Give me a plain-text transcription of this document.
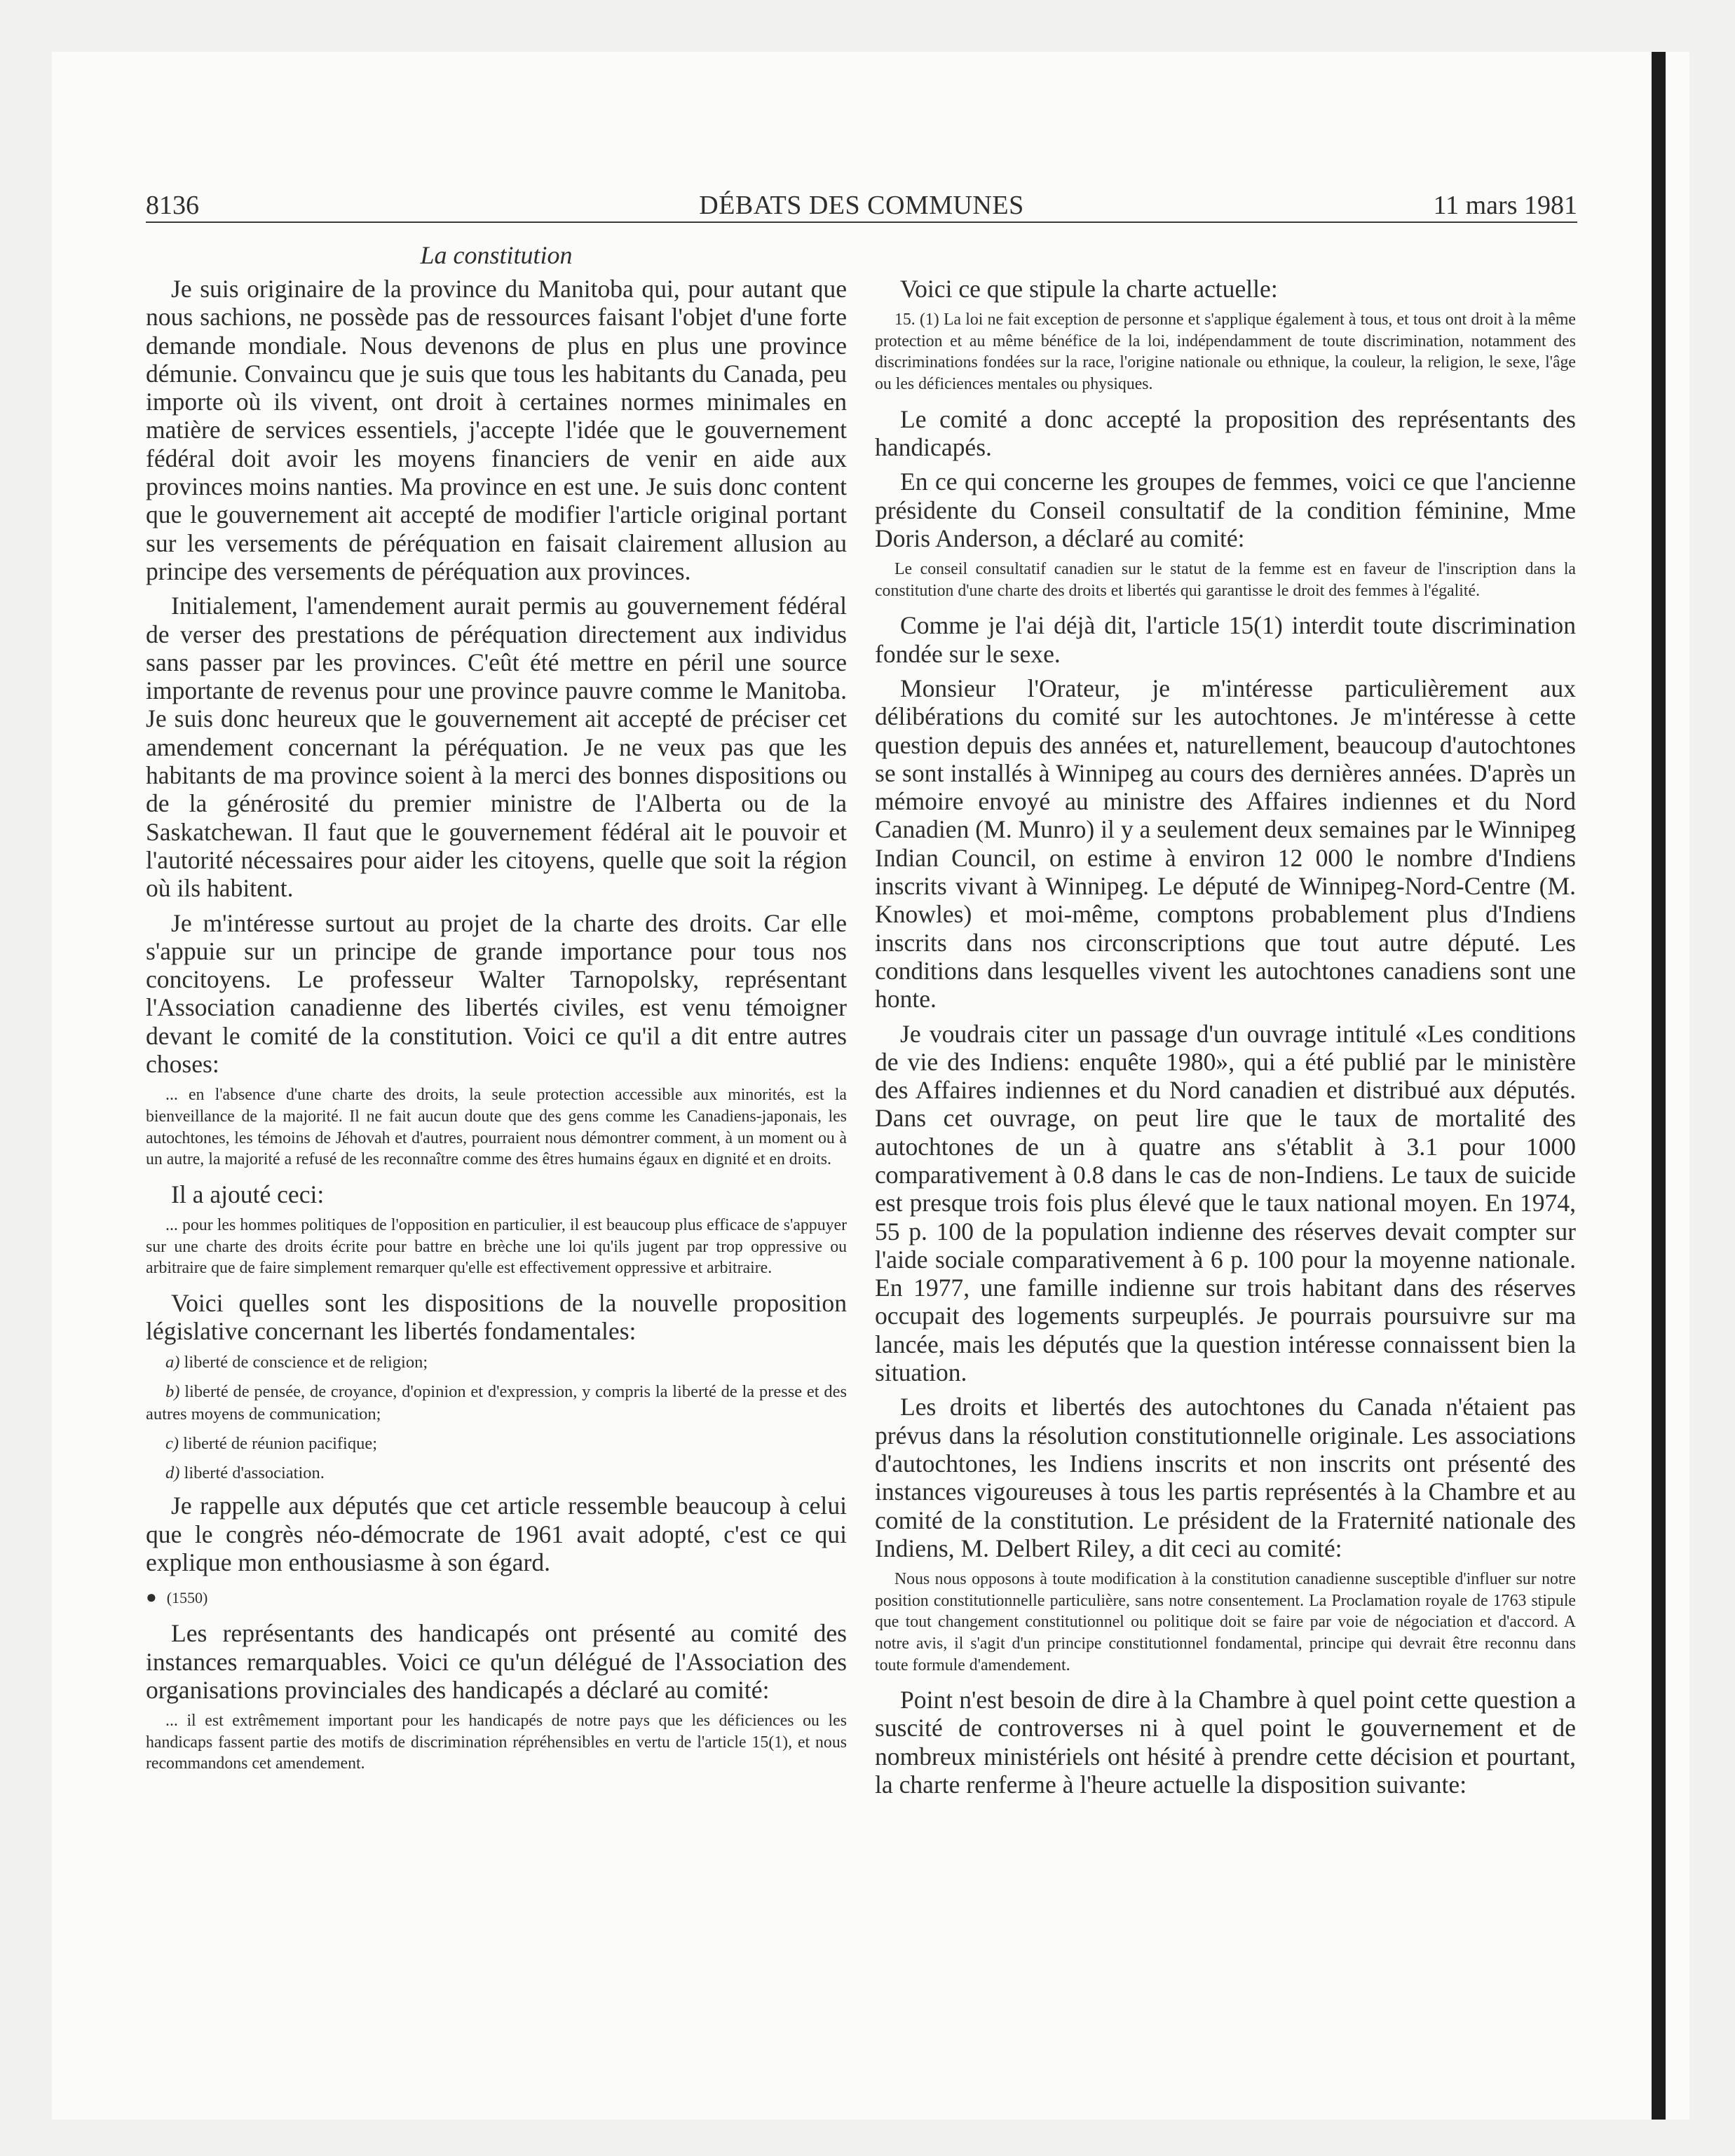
8136	DÉBATS DES COMMUNES	11 mars 1981
La constitution

Je suis originaire de la province du Manitoba qui, pour autant que nous sachions, ne possède pas de ressources faisant l'objet d'une forte demande mondiale. Nous devenons de plus en plus une province démunie. Convaincu que je suis que tous les habitants du Canada, peu importe où ils vivent, ont droit à certaines normes minimales en matière de services essentiels, j'accepte l'idée que le gouvernement fédéral doit avoir les moyens financiers de venir en aide aux provinces moins nanties. Ma province en est une. Je suis donc content que le gouvernement ait accepté de modifier l'article original portant sur les versements de péréquation en faisait clairement allusion au principe des versements de péréquation aux provinces.

Initialement, l'amendement aurait permis au gouvernement fédéral de verser des prestations de péréquation directement aux individus sans passer par les provinces. C'eût été mettre en péril une source importante de revenus pour une province pauvre comme le Manitoba. Je suis donc heureux que le gouvernement ait accepté de préciser cet amendement concernant la péréquation. Je ne veux pas que les habitants de ma province soient à la merci des bonnes dispositions ou de la générosité du premier ministre de l'Alberta ou de la Saskatchewan. Il faut que le gouvernement fédéral ait le pouvoir et l'autorité nécessaires pour aider les citoyens, quelle que soit la région où ils habitent.

Je m'intéresse surtout au projet de la charte des droits. Car elle s'appuie sur un principe de grande importance pour tous nos concitoyens. Le professeur Walter Tarnopolsky, représentant l'Association canadienne des libertés civiles, est venu témoigner devant le comité de la constitution. Voici ce qu'il a dit entre autres choses:

... en l'absence d'une charte des droits, la seule protection accessible aux minorités, est la bienveillance de la majorité. Il ne fait aucun doute que des gens comme les Canadiens-japonais, les autochtones, les témoins de Jéhovah et d'autres, pourraient nous démontrer comment, à un moment ou à un autre, la majorité a refusé de les reconnaître comme des êtres humains égaux en dignité et en droits.

Il a ajouté ceci:

... pour les hommes politiques de l'opposition en particulier, il est beaucoup plus efficace de s'appuyer sur une charte des droits écrite pour battre en brèche une loi qu'ils jugent par trop oppressive ou arbitraire que de faire simplement remarquer qu'elle est effectivement oppressive et arbitraire.

Voici quelles sont les dispositions de la nouvelle proposition législative concernant les libertés fondamentales:

a) liberté de conscience et de religion;

b) liberté de pensée, de croyance, d'opinion et d'expression, y compris la liberté de la presse et des autres moyens de communication;

c) liberté de réunion pacifique;

d) liberté d'association.

Je rappelle aux députés que cet article ressemble beaucoup à celui que le congrès néo-démocrate de 1961 avait adopté, c'est ce qui explique mon enthousiasme à son égard.

● (1550)

Les représentants des handicapés ont présenté au comité des instances remarquables. Voici ce qu'un délégué de l'Association des organisations provinciales des handicapés a déclaré au comité:

... il est extrêmement important pour les handicapés de notre pays que les déficiences ou les handicaps fassent partie des motifs de discrimination répréhensibles en vertu de l'article 15(1), et nous recommandons cet amendement.

Voici ce que stipule la charte actuelle:

15. (1) La loi ne fait exception de personne et s'applique également à tous, et tous ont droit à la même protection et au même bénéfice de la loi, indépendamment de toute discrimination, notamment des discriminations fondées sur la race, l'origine nationale ou ethnique, la couleur, la religion, le sexe, l'âge ou les déficiences mentales ou physiques.

Le comité a donc accepté la proposition des représentants des handicapés.

En ce qui concerne les groupes de femmes, voici ce que l'ancienne présidente du Conseil consultatif de la condition féminine, Mme Doris Anderson, a déclaré au comité:

Le conseil consultatif canadien sur le statut de la femme est en faveur de l'inscription dans la constitution d'une charte des droits et libertés qui garantisse le droit des femmes à l'égalité.

Comme je l'ai déjà dit, l'article 15(1) interdit toute discrimination fondée sur le sexe.

Monsieur l'Orateur, je m'intéresse particulièrement aux délibérations du comité sur les autochtones. Je m'intéresse à cette question depuis des années et, naturellement, beaucoup d'autochtones se sont installés à Winnipeg au cours des dernières années. D'après un mémoire envoyé au ministre des Affaires indiennes et du Nord Canadien (M. Munro) il y a seulement deux semaines par le Winnipeg Indian Council, on estime à environ 12 000 le nombre d'Indiens inscrits vivant à Winnipeg. Le député de Winnipeg-Nord-Centre (M. Knowles) et moi-même, comptons probablement plus d'Indiens inscrits dans nos circonscriptions que tout autre député. Les conditions dans lesquelles vivent les autochtones canadiens sont une honte.

Je voudrais citer un passage d'un ouvrage intitulé «Les conditions de vie des Indiens: enquête 1980», qui a été publié par le ministère des Affaires indiennes et du Nord canadien et distribué aux députés. Dans cet ouvrage, on peut lire que le taux de mortalité des autochtones de un à quatre ans s'établit à 3.1 pour 1000 comparativement à 0.8 dans le cas de non-Indiens. Le taux de suicide est presque trois fois plus élevé que le taux national moyen. En 1974, 55 p. 100 de la population indienne des réserves devait compter sur l'aide sociale comparativement à 6 p. 100 pour la moyenne nationale. En 1977, une famille indienne sur trois habitant dans des réserves occupait des logements surpeuplés. Je pourrais poursuivre sur ma lancée, mais les députés que la question intéresse connaissent bien la situation.

Les droits et libertés des autochtones du Canada n'étaient pas prévus dans la résolution constitutionnelle originale. Les associations d'autochtones, les Indiens inscrits et non inscrits ont présenté des instances vigoureuses à tous les partis représentés à la Chambre et au comité de la constitution. Le président de la Fraternité nationale des Indiens, M. Delbert Riley, a dit ceci au comité:

Nous nous opposons à toute modification à la constitution canadienne susceptible d'influer sur notre position constitutionnelle particulière, sans notre consentement. La Proclamation royale de 1763 stipule que tout changement constitutionnel ou politique doit se faire par voie de négociation et d'accord. A notre avis, il s'agit d'un principe constitutionnel fondamental, principe qui devrait être reconnu dans toute formule d'amendement.

Point n'est besoin de dire à la Chambre à quel point cette question a suscité de controverses ni à quel point le gouvernement et de nombreux ministériels ont hésité à prendre cette décision et pourtant, la charte renferme à l'heure actuelle la disposition suivante:
